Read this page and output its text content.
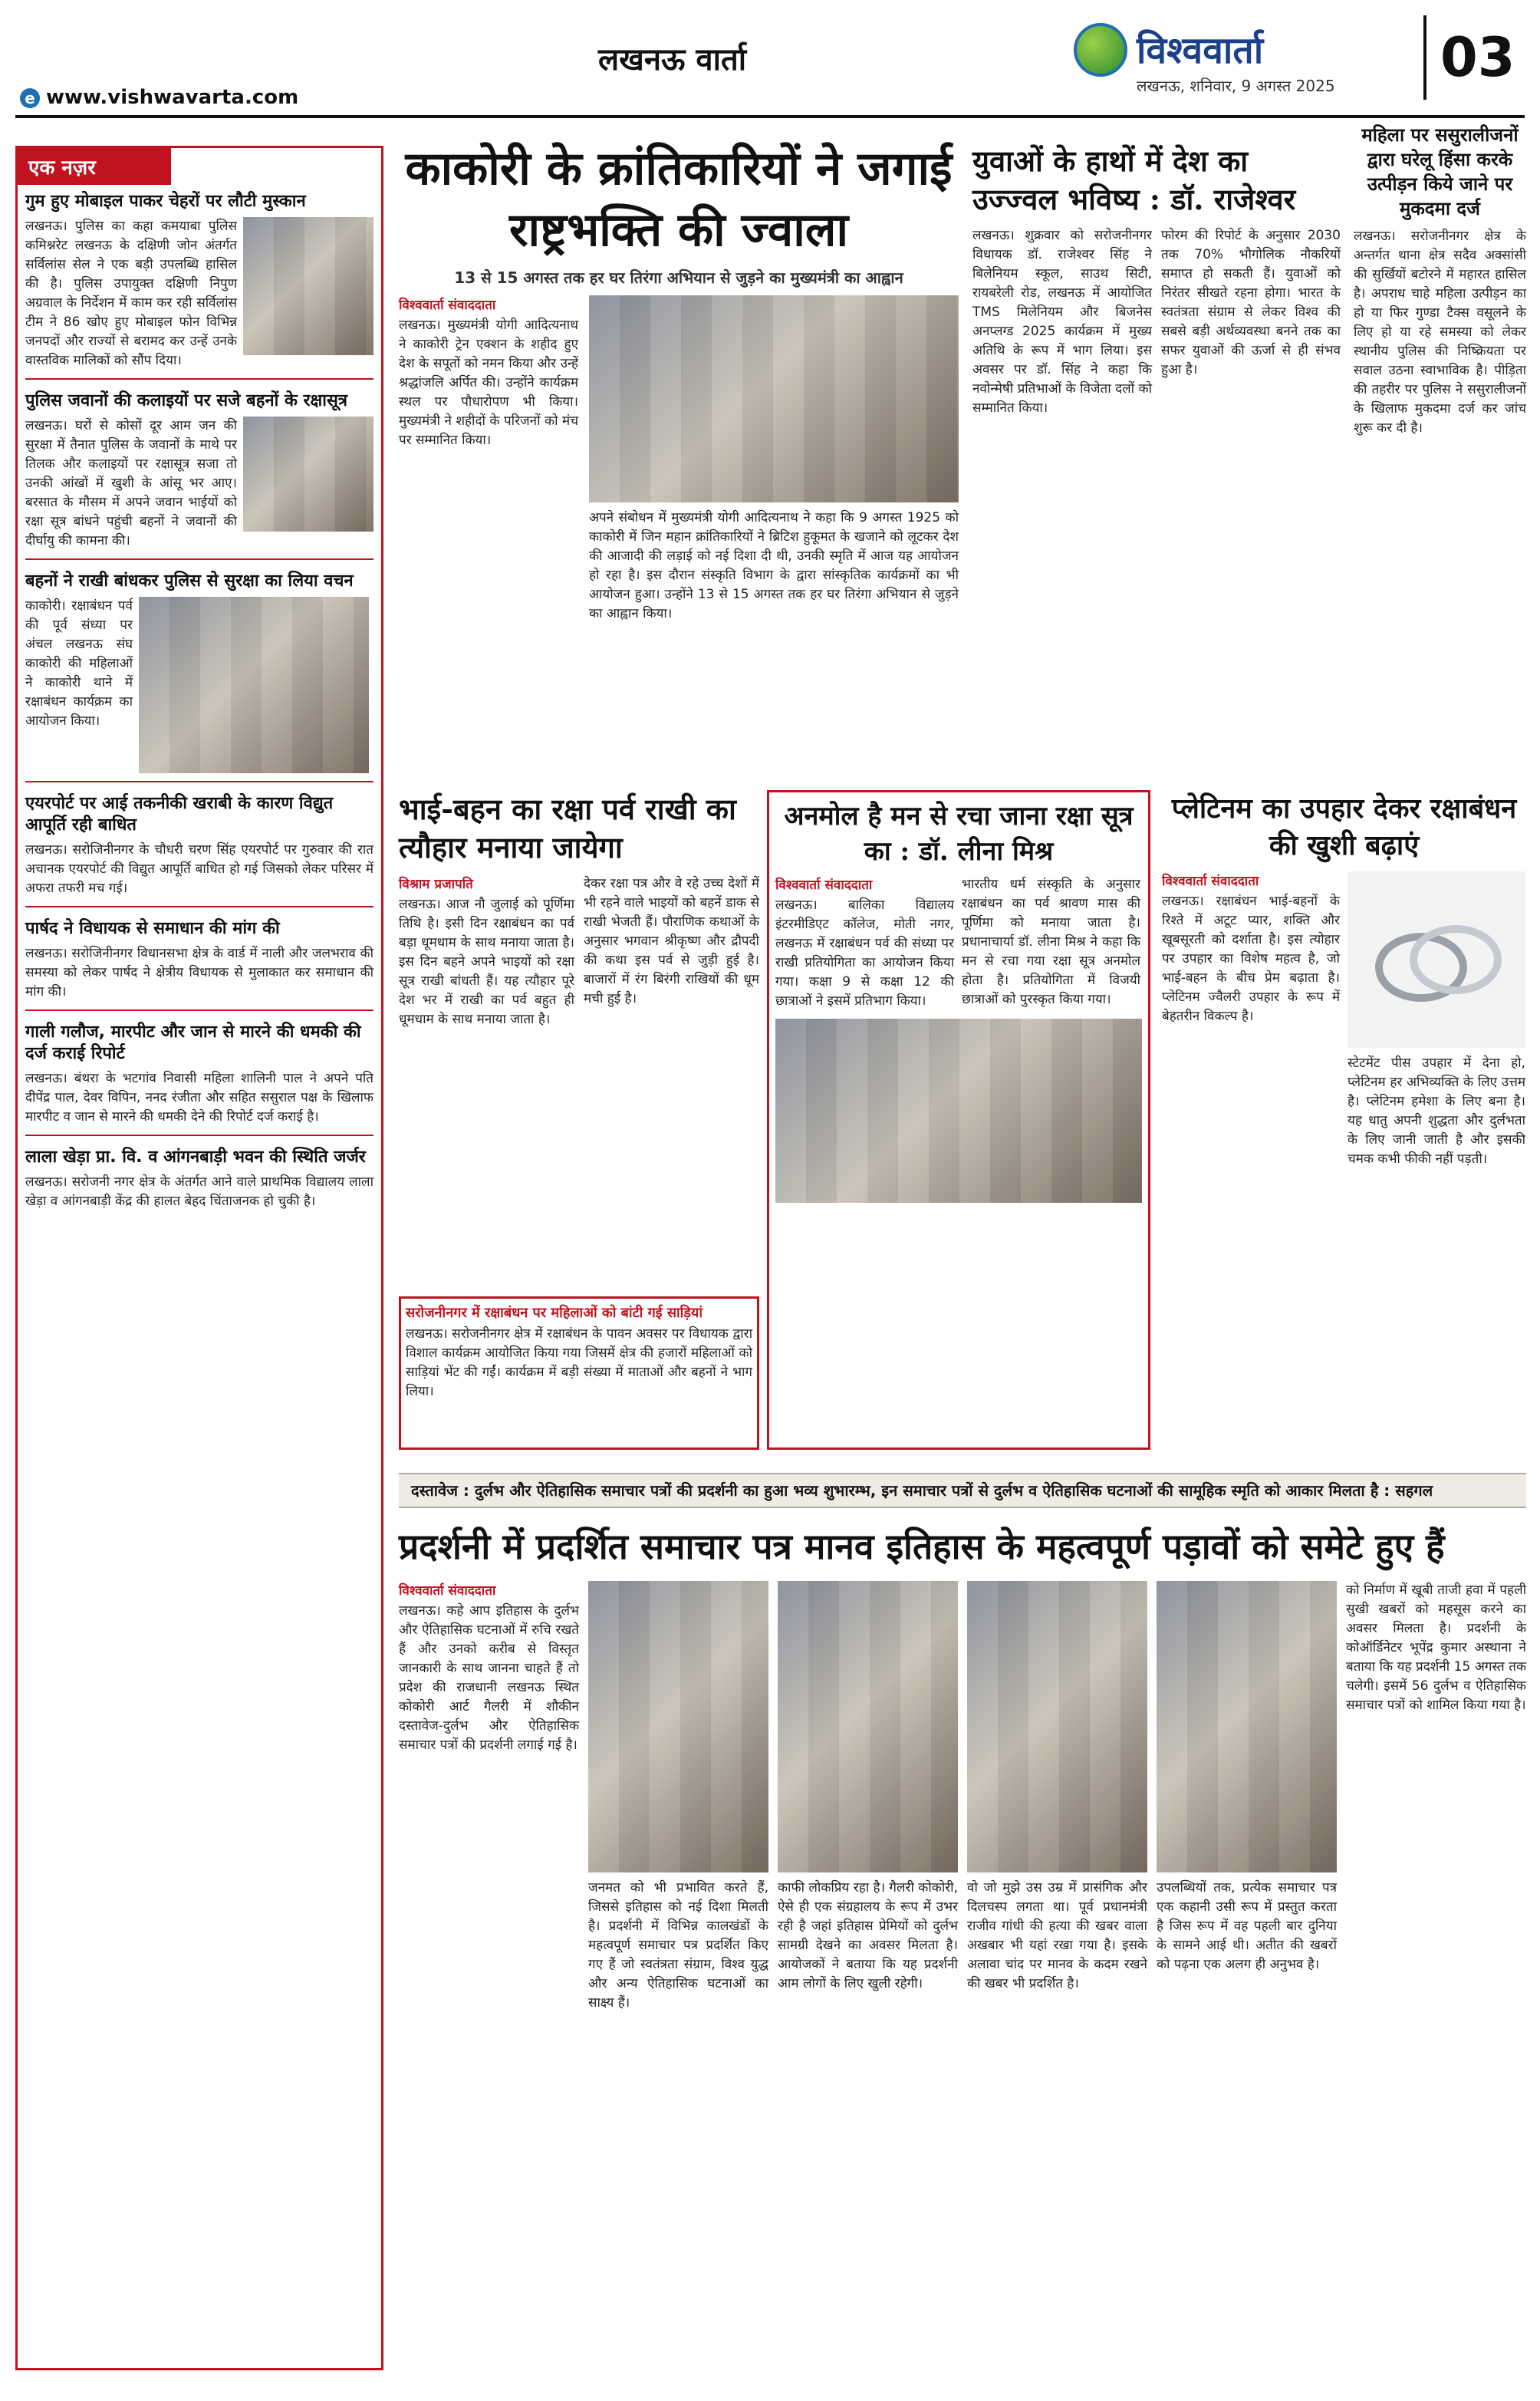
लखनऊ वार्ता	विश्ववार्ता
लखनऊ, शनिवार, 9 अगस्त 2025	03
e www.vishwavarta.com
एक नज़र
गुम हुए मोबाइल पाकर चेहरों पर लौटी मुस्कान

लखनऊ। पुलिस का कहा कमयाबा पुलिस कमिश्नरेट लखनऊ के दक्षिणी जोन अंतर्गत सर्विलांस सेल ने एक बड़ी उपलब्धि हासिल की है। पुलिस उपायुक्त दक्षिणी निपुण अग्रवाल के निर्देशन में काम कर रही सर्विलांस टीम ने 86 खोए हुए मोबाइल फोन विभिन्न जनपदों और राज्यों से बरामद कर उन्हें उनके वास्तविक मालिकों को सौंप दिया।

पुलिस जवानों की कलाइयों पर सजे बहनों के रक्षासूत्र

लखनऊ। घरों से कोसों दूर आम जन की सुरक्षा में तैनात पुलिस के जवानों के माथे पर तिलक और कलाइयों पर रक्षासूत्र सजा तो उनकी आंखों में खुशी के आंसू भर आए। बरसात के मौसम में अपने जवान भाईयों को रक्षा सूत्र बांधने पहुंची बहनों ने जवानों की दीर्घायु की कामना की।

बहनों ने राखी बांधकर पुलिस से सुरक्षा का लिया वचन

काकोरी। रक्षाबंधन पर्व की पूर्व संध्या पर अंचल लखनऊ संघ काकोरी की महिलाओं ने काकोरी थाने में रक्षाबंधन कार्यक्रम का आयोजन किया।

एयरपोर्ट पर आई तकनीकी खराबी के कारण विद्युत आपूर्ति रही बाधित

लखनऊ। सरोजिनीनगर के चौधरी चरण सिंह एयरपोर्ट पर गुरुवार की रात अचानक एयरपोर्ट की विद्युत आपूर्ति बाधित हो गई जिसको लेकर परिसर में अफरा तफरी मच गई।

पार्षद ने विधायक से समाधान की मांग की

लखनऊ। सरोजिनीनगर विधानसभा क्षेत्र के वार्ड में नाली और जलभराव की समस्या को लेकर पार्षद ने क्षेत्रीय विधायक से मुलाकात कर समाधान की मांग की।

गाली गलौज, मारपीट और जान से मारने की धमकी की दर्ज कराई रिपोर्ट

लखनऊ। बंथरा के भटगांव निवासी महिला शालिनी पाल ने अपने पति दीपेंद्र पाल, देवर विपिन, ननद रंजीता और सहित ससुराल पक्ष के खिलाफ मारपीट व जान से मारने की धमकी देने की रिपोर्ट दर्ज कराई है।

लाला खेड़ा प्रा. वि. व आंगनबाड़ी भवन की स्थिति जर्जर

लखनऊ। सरोजनी नगर क्षेत्र के अंतर्गत आने वाले प्राथमिक विद्यालय लाला खेड़ा व आंगनबाड़ी केंद्र की हालत बेहद चिंताजनक हो चुकी है।

काकोरी के क्रांतिकारियों ने जगाई राष्ट्रभक्ति की ज्वाला
13 से 15 अगस्त तक हर घर तिरंगा अभियान से जुड़ने का मुख्यमंत्री का आह्वान
विश्ववार्ता संवाददाता

लखनऊ। मुख्यमंत्री योगी आदित्यनाथ ने काकोरी ट्रेन एक्शन के शहीद हुए देश के सपूतों को नमन किया और उन्हें श्रद्धांजलि अर्पित की। उन्होंने कार्यक्रम स्थल पर पौधारोपण भी किया। मुख्यमंत्री ने शहीदों के परिजनों को मंच पर सम्मानित किया।

अपने संबोधन में मुख्यमंत्री योगी आदित्यनाथ ने कहा कि 9 अगस्त 1925 को काकोरी में जिन महान क्रांतिकारियों ने ब्रिटिश हुकूमत के खजाने को लूटकर देश की आजादी की लड़ाई को नई दिशा दी थी, उनकी स्मृति में आज यह आयोजन हो रहा है। इस दौरान संस्कृति विभाग के द्वारा सांस्कृतिक कार्यक्रमों का भी आयोजन हुआ। उन्होंने 13 से 15 अगस्त तक हर घर तिरंगा अभियान से जुड़ने का आह्वान किया।

युवाओं के हाथों में देश का उज्ज्वल भविष्य : डॉ. राजेश्वर

लखनऊ। शुक्रवार को सरोजनीनगर विधायक डॉ. राजेश्वर सिंह ने बिलेनियम स्कूल, साउथ सिटी, रायबरेली रोड, लखनऊ में आयोजित TMS मिलेनियम और बिजनेस अनप्लग्ड 2025 कार्यक्रम में मुख्य अतिथि के रूप में भाग लिया। इस अवसर पर डॉ. सिंह ने कहा कि नवोन्मेषी प्रतिभाओं के विजेता दलों को सम्मानित किया।

फोरम की रिपोर्ट के अनुसार 2030 तक 70% भौगोलिक नौकरियों समाप्त हो सकती हैं। युवाओं को निरंतर सीखते रहना होगा। भारत के स्वतंत्रता संग्राम से लेकर विश्व की सबसे बड़ी अर्थव्यवस्था बनने तक का सफर युवाओं की ऊर्जा से ही संभव हुआ है।

महिला पर ससुरालीजनों द्वारा घरेलू हिंसा करके उत्पीड़न किये जाने पर मुकदमा दर्ज

लखनऊ। सरोजनीनगर क्षेत्र के अन्तर्गत थाना क्षेत्र सदैव अक्सांसी की सुर्खियों बटोरने में महारत हासिल है। अपराध चाहे महिला उत्पीड़न का हो या फिर गुण्डा टैक्स वसूलने के लिए हो या रहे समस्या को लेकर स्थानीय पुलिस की निष्क्रियता पर सवाल उठना स्वाभाविक है। पीड़िता की तहरीर पर पुलिस ने ससुरालीजनों के खिलाफ मुकदमा दर्ज कर जांच शुरू कर दी है।

भाई-बहन का रक्षा पर्व राखी का त्यौहार मनाया जायेगा
विश्राम प्रजापति

लखनऊ। आज नौ जुलाई को पूर्णिमा तिथि है। इसी दिन रक्षाबंधन का पर्व बड़ा धूमधाम के साथ मनाया जाता है। इस दिन बहने अपने भाइयों को रक्षा सूत्र राखी बांधती हैं। यह त्यौहार पूरे देश भर में राखी का पर्व बहुत ही धूमधाम के साथ मनाया जाता है।

देकर रक्षा पत्र और वे रहे उच्च देशों में भी रहने वाले भाइयों को बहनें डाक से राखी भेजती हैं। पौराणिक कथाओं के अनुसार भगवान श्रीकृष्ण और द्रौपदी की कथा इस पर्व से जुड़ी हुई है। बाजारों में रंग बिरंगी राखियों की धूम मची हुई है।

सरोजनीनगर में रक्षाबंधन पर महिलाओं को बांटी गई साड़ियां

लखनऊ। सरोजनीनगर क्षेत्र में रक्षाबंधन के पावन अवसर पर विधायक द्वारा विशाल कार्यक्रम आयोजित किया गया जिसमें क्षेत्र की हजारों महिलाओं को साड़ियां भेंट की गईं। कार्यक्रम में बड़ी संख्या में माताओं और बहनों ने भाग लिया।

अनमोल है मन से रचा जाना रक्षा सूत्र का : डॉ. लीना मिश्र
विश्ववार्ता संवाददाता

लखनऊ। बालिका विद्यालय इंटरमीडिएट कॉलेज, मोती नगर, लखनऊ में रक्षाबंधन पर्व की संध्या पर राखी प्रतियोगिता का आयोजन किया गया। कक्षा 9 से कक्षा 12 की छात्राओं ने इसमें प्रतिभाग किया।

भारतीय धर्म संस्कृति के अनुसार रक्षाबंधन का पर्व श्रावण मास की पूर्णिमा को मनाया जाता है। प्रधानाचार्या डॉ. लीना मिश्र ने कहा कि मन से रचा गया रक्षा सूत्र अनमोल होता है। प्रतियोगिता में विजयी छात्राओं को पुरस्कृत किया गया।

प्लेटिनम का उपहार देकर रक्षाबंधन की खुशी बढ़ाएं
विश्ववार्ता संवाददाता

लखनऊ। रक्षाबंधन भाई-बहनों के रिश्ते में अटूट प्यार, शक्ति और खूबसूरती को दर्शाता है। इस त्योहार पर उपहार का विशेष महत्व है, जो भाई-बहन के बीच प्रेम बढ़ाता है। प्लेटिनम ज्वैलरी उपहार के रूप में बेहतरीन विकल्प है।

स्टेटमेंट पीस उपहार में देना हो, प्लेटिनम हर अभिव्यक्ति के लिए उत्तम है। प्लेटिनम हमेशा के लिए बना है। यह धातु अपनी शुद्धता और दुर्लभता के लिए जानी जाती है और इसकी चमक कभी फीकी नहीं पड़ती।

दस्तावेज : दुर्लभ और ऐतिहासिक समाचार पत्रों की प्रदर्शनी का हुआ भव्य शुभारम्भ, इन समाचार पत्रों से दुर्लभ व ऐतिहासिक घटनाओं की सामूहिक स्मृति को आकार मिलता है : सहगल
प्रदर्शनी में प्रदर्शित समाचार पत्र मानव इतिहास के महत्वपूर्ण पड़ावों को समेटे हुए हैं
विश्ववार्ता संवाददाता

लखनऊ। कहे आप इतिहास के दुर्लभ और ऐतिहासिक घटनाओं में रुचि रखते हैं और उनको करीब से विस्तृत जानकारी के साथ जानना चाहते हैं तो प्रदेश की राजधानी लखनऊ स्थित कोकोरी आर्ट गैलरी में शौकीन दस्तावेज-दुर्लभ और ऐतिहासिक समाचार पत्रों की प्रदर्शनी लगाई गई है।

जनमत को भी प्रभावित करते हैं, जिससे इतिहास को नई दिशा मिलती है। प्रदर्शनी में विभिन्न कालखंडों के महत्वपूर्ण समाचार पत्र प्रदर्शित किए गए हैं जो स्वतंत्रता संग्राम, विश्व युद्ध और अन्य ऐतिहासिक घटनाओं का साक्ष्य हैं।

काफी लोकप्रिय रहा है। गैलरी कोकोरी, ऐसे ही एक संग्रहालय के रूप में उभर रही है जहां इतिहास प्रेमियों को दुर्लभ सामग्री देखने का अवसर मिलता है। आयोजकों ने बताया कि यह प्रदर्शनी आम लोगों के लिए खुली रहेगी।

वो जो मुझे उस उम्र में प्रासंगिक और दिलचस्प लगता था। पूर्व प्रधानमंत्री राजीव गांधी की हत्या की खबर वाला अखबार भी यहां रखा गया है। इसके अलावा चांद पर मानव के कदम रखने की खबर भी प्रदर्शित है।

उपलब्धियों तक, प्रत्येक समाचार पत्र एक कहानी उसी रूप में प्रस्तुत करता है जिस रूप में वह पहली बार दुनिया के सामने आई थी। अतीत की खबरों को पढ़ना एक अलग ही अनुभव है।

को निर्माण में खूबी ताजी हवा में पहली सुखी खबरों को महसूस करने का अवसर मिलता है। प्रदर्शनी के कोऑर्डिनेटर भूपेंद्र कुमार अस्थाना ने बताया कि यह प्रदर्शनी 15 अगस्त तक चलेगी। इसमें 56 दुर्लभ व ऐतिहासिक समाचार पत्रों को शामिल किया गया है।
